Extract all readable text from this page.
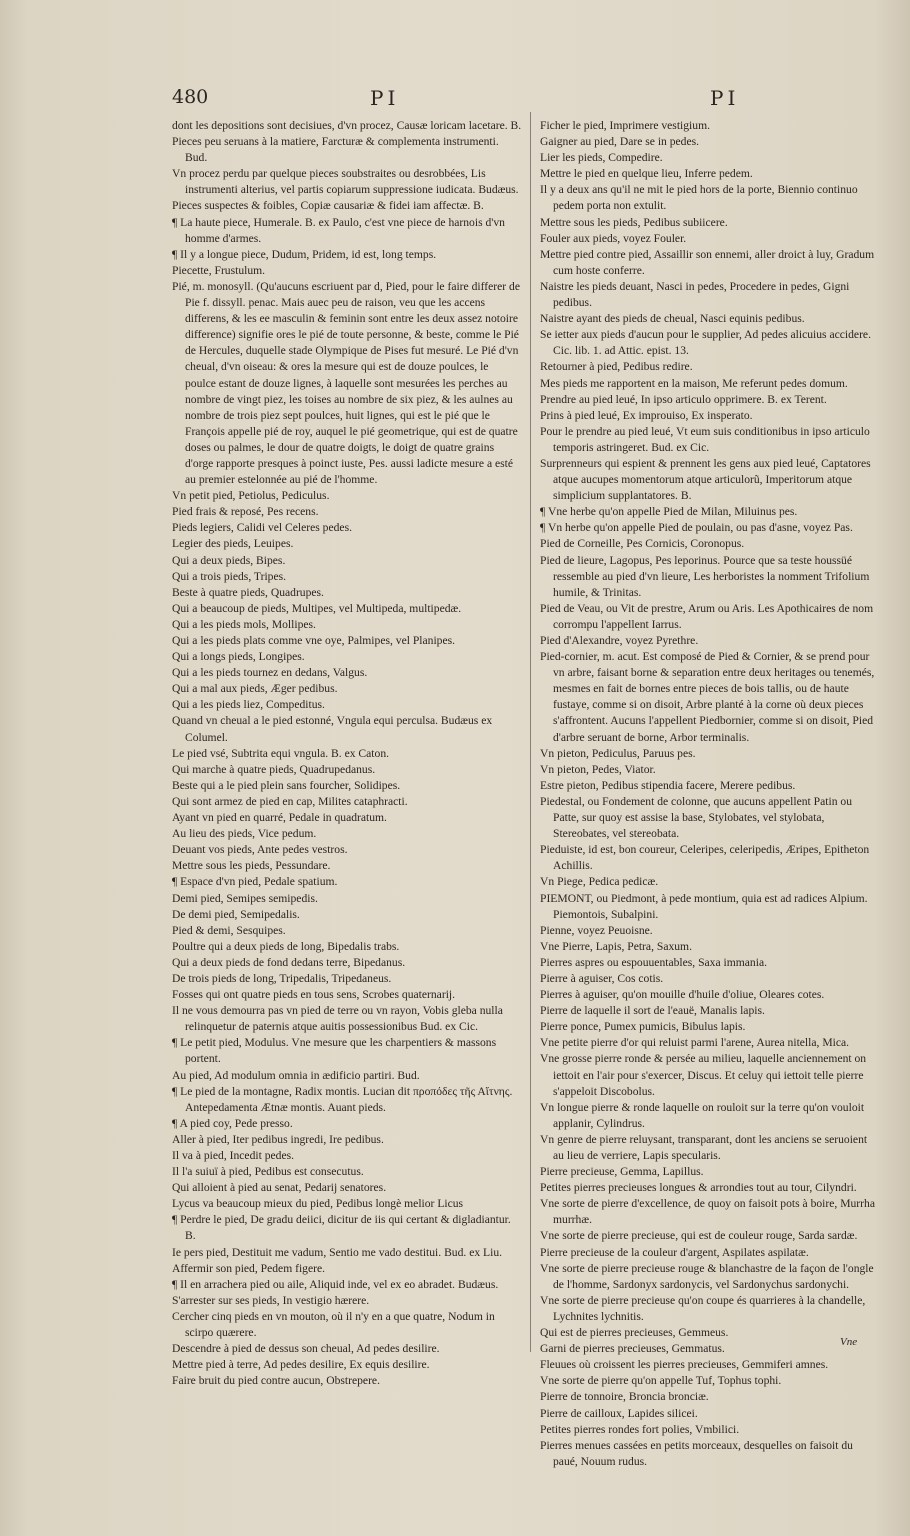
480	PI	PI

dont les depositions sont decisiues, d'vn procez, Causæ loricam lacetare. B.

Pieces peu seruans à la matiere, Farcturæ & complementa instrumenti. Bud.

Vn procez perdu par quelque pieces soubstraites ou desrobbées, Lis instrumenti alterius, vel partis copiarum suppressione iudicata. Budæus.

Pieces suspectes & foibles, Copiæ causariæ & fidei iam affectæ. B.

¶ La haute piece, Humerale. B. ex Paulo, c'est vne piece de harnois d'vn homme d'armes.

¶ Il y a longue piece, Dudum, Pridem, id est, long temps.

Piecette, Frustulum.

Pié, m. monosyll. (Qu'aucuns escriuent par d, Pied, pour le faire differer de Pie f. dissyll. penac. Mais auec peu de raison, veu que les accens differens, & les ee masculin & feminin sont entre les deux assez notoire difference) signifie ores le pié de toute personne, & beste, comme le Pié de Hercules, duquelle stade Olympique de Pises fut mesuré. Le Pié d'vn cheual, d'vn oiseau: & ores la mesure qui est de douze poulces, le poulce estant de douze lignes, à laquelle sont mesurées les perches au nombre de vingt piez, les toises au nombre de six piez, & les aulnes au nombre de trois piez sept poulces, huit lignes, qui est le pié que le François appelle pié de roy, auquel le pié geometrique, qui est de quatre doses ou palmes, le dour de quatre doigts, le doigt de quatre grains d'orge rapporte presques à poinct iuste, Pes. aussi ladicte mesure a esté au premier estelonnée au pié de l'homme.

Vn petit pied, Petiolus, Pediculus.

Pied frais & reposé, Pes recens.

Pieds legiers, Calidi vel Celeres pedes.

Legier des pieds, Leuipes.

Qui a deux pieds, Bipes.

Qui a trois pieds, Tripes.

Beste à quatre pieds, Quadrupes.

Qui a beaucoup de pieds, Multipes, vel Multipeda, multipedæ.

Qui a les pieds mols, Mollipes.

Qui a les pieds plats comme vne oye, Palmipes, vel Planipes.

Qui a longs pieds, Longipes.

Qui a les pieds tournez en dedans, Valgus.

Qui a mal aux pieds, Æger pedibus.

Qui a les pieds liez, Compeditus.

Quand vn cheual a le pied estonné, Vngula equi perculsa. Budæus ex Columel.

Le pied vsé, Subtrita equi vngula. B. ex Caton.

Qui marche à quatre pieds, Quadrupedanus.

Beste qui a le pied plein sans fourcher, Solidipes.

Qui sont armez de pied en cap, Milites cataphracti.

Ayant vn pied en quarré, Pedale in quadratum.

Au lieu des pieds, Vice pedum.

Deuant vos pieds, Ante pedes vestros.

Mettre sous les pieds, Pessundare.

¶ Espace d'vn pied, Pedale spatium.

Demi pied, Semipes semipedis.

De demi pied, Semipedalis.

Pied & demi, Sesquipes.

Poultre qui a deux pieds de long, Bipedalis trabs.

Qui a deux pieds de fond dedans terre, Bipedanus.

De trois pieds de long, Tripedalis, Tripedaneus.

Fosses qui ont quatre pieds en tous sens, Scrobes quaternarij.

Il ne vous demourra pas vn pied de terre ou vn rayon, Vobis gleba nulla relinquetur de paternis atque auitis possessionibus Bud. ex Cic.

¶ Le petit pied, Modulus. Vne mesure que les charpentiers & massons portent.

Au pied, Ad modulum omnia in ædificio partiri. Bud.

¶ Le pied de la montagne, Radix montis. Lucian dit προπόδες τῆς Αἴτνης. Antepedamenta Ætnæ montis. Auant pieds.

¶ A pied coy, Pede presso.

Aller à pied, Iter pedibus ingredi, Ire pedibus.

Il va à pied, Incedit pedes.

Il l'a suiuï à pied, Pedibus est consecutus.

Qui alloient à pied au senat, Pedarij senatores.

Lycus va beaucoup mieux du pied, Pedibus longè melior Licus

¶ Perdre le pied, De gradu deiici, dicitur de iis qui certant & digladiantur. B.

Ie pers pied, Destituit me vadum, Sentio me vado destitui. Bud. ex Liu.

Affermir son pied, Pedem figere.

¶ Il en arrachera pied ou aile, Aliquid inde, vel ex eo abradet. Budæus.

S'arrester sur ses pieds, In vestigio hærere.

Cercher cinq pieds en vn mouton, où il n'y en a que quatre, Nodum in scirpo quærere.

Descendre à pied de dessus son cheual, Ad pedes desilire.

Mettre pied à terre, Ad pedes desilire, Ex equis desilire.

Faire bruit du pied contre aucun, Obstrepere.

Ficher le pied, Imprimere vestigium.

Gaigner au pied, Dare se in pedes.

Lier les pieds, Compedire.

Mettre le pied en quelque lieu, Inferre pedem.

Il y a deux ans qu'il ne mit le pied hors de la porte, Biennio continuo pedem porta non extulit.

Mettre sous les pieds, Pedibus subiicere.

Fouler aux pieds, voyez Fouler.

Mettre pied contre pied, Assaillir son ennemi, aller droict à luy, Gradum cum hoste conferre.

Naistre les pieds deuant, Nasci in pedes, Procedere in pedes, Gigni pedibus.

Naistre ayant des pieds de cheual, Nasci equinis pedibus.

Se ietter aux pieds d'aucun pour le supplier, Ad pedes alicuius accidere. Cic. lib. 1. ad Attic. epist. 13.

Retourner à pied, Pedibus redire.

Mes pieds me rapportent en la maison, Me referunt pedes domum.

Prendre au pied leué, In ipso articulo opprimere. B. ex Terent.

Prins à pied leué, Ex improuiso, Ex insperato.

Pour le prendre au pied leué, Vt eum suis conditionibus in ipso articulo temporis astringeret. Bud. ex Cic.

Surprenneurs qui espient & prennent les gens aux pied leué, Captatores atque aucupes momentorum atque articulorũ, Imperitorum atque simplicium supplantatores. B.

¶ Vne herbe qu'on appelle Pied de Milan, Miluinus pes.

¶ Vn herbe qu'on appelle Pied de poulain, ou pas d'asne, voyez Pas.

Pied de Corneille, Pes Cornicis, Coronopus.

Pied de lieure, Lagopus, Pes leporinus. Pource que sa teste houssüé ressemble au pied d'vn lieure, Les herboristes la nomment Trifolium humile, & Trinitas.

Pied de Veau, ou Vit de prestre, Arum ou Aris. Les Apothicaires de nom corrompu l'appellent Iarrus.

Pied d'Alexandre, voyez Pyrethre.

Pied-cornier, m. acut. Est composé de Pied & Cornier, & se prend pour vn arbre, faisant borne & separation entre deux heritages ou tenemés, mesmes en fait de bornes entre pieces de bois tallis, ou de haute fustaye, comme si on disoit, Arbre planté à la corne où deux pieces s'affrontent. Aucuns l'appellent Piedbornier, comme si on disoit, Pied d'arbre seruant de borne, Arbor terminalis.

Vn pieton, Pediculus, Paruus pes.

Vn pieton, Pedes, Viator.

Estre pieton, Pedibus stipendia facere, Merere pedibus.

Piedestal, ou Fondement de colonne, que aucuns appellent Patin ou Patte, sur quoy est assise la base, Stylobates, vel stylobata, Stereobates, vel stereobata.

Pieduiste, id est, bon coureur, Celeripes, celeripedis, Æripes, Epitheton Achillis.

Vn Piege, Pedica pedicæ.

PIEMONT, ou Piedmont, à pede montium, quia est ad radices Alpium. Piemontois, Subalpini.

Pienne, voyez Peuoisne.

Vne Pierre, Lapis, Petra, Saxum.

Pierres aspres ou espouuentables, Saxa immania.

Pierre à aguiser, Cos cotis.

Pierres à aguiser, qu'on mouille d'huile d'oliue, Oleares cotes.

Pierre de laquelle il sort de l'eauë, Manalis lapis.

Pierre ponce, Pumex pumicis, Bibulus lapis.

Vne petite pierre d'or qui reluist parmi l'arene, Aurea nitella, Mica.

Vne grosse pierre ronde & persée au milieu, laquelle anciennement on iettoit en l'air pour s'exercer, Discus. Et celuy qui iettoit telle pierre s'appeloit Discobolus.

Vn longue pierre & ronde laquelle on rouloit sur la terre qu'on vouloit applanir, Cylindrus.

Vn genre de pierre reluysant, transparant, dont les anciens se seruoient au lieu de verriere, Lapis specularis.

Pierre precieuse, Gemma, Lapillus.

Petites pierres precieuses longues & arrondies tout au tour, Cilyndri.

Vne sorte de pierre d'excellence, de quoy on faisoit pots à boire, Murrha murrhæ.

Vne sorte de pierre precieuse, qui est de couleur rouge, Sarda sardæ.

Pierre precieuse de la couleur d'argent, Aspilates aspilatæ.

Vne sorte de pierre precieuse rouge & blanchastre de la façon de l'ongle de l'homme, Sardonyx sardonycis, vel Sardonychus sardonychi.

Vne sorte de pierre precieuse qu'on coupe és quarrieres à la chandelle, Lychnites lychnitis.

Qui est de pierres precieuses, Gemmeus.

Garni de pierres precieuses, Gemmatus.

Fleuues où croissent les pierres precieuses, Gemmiferi amnes.

Vne sorte de pierre qu'on appelle Tuf, Tophus tophi.

Pierre de tonnoire, Broncia bronciæ.

Pierre de cailloux, Lapides silicei.

Petites pierres rondes fort polies, Vmbilici.

Pierres menues cassées en petits morceaux, desquelles on faisoit du paué, Nouum rudus.

Vne
